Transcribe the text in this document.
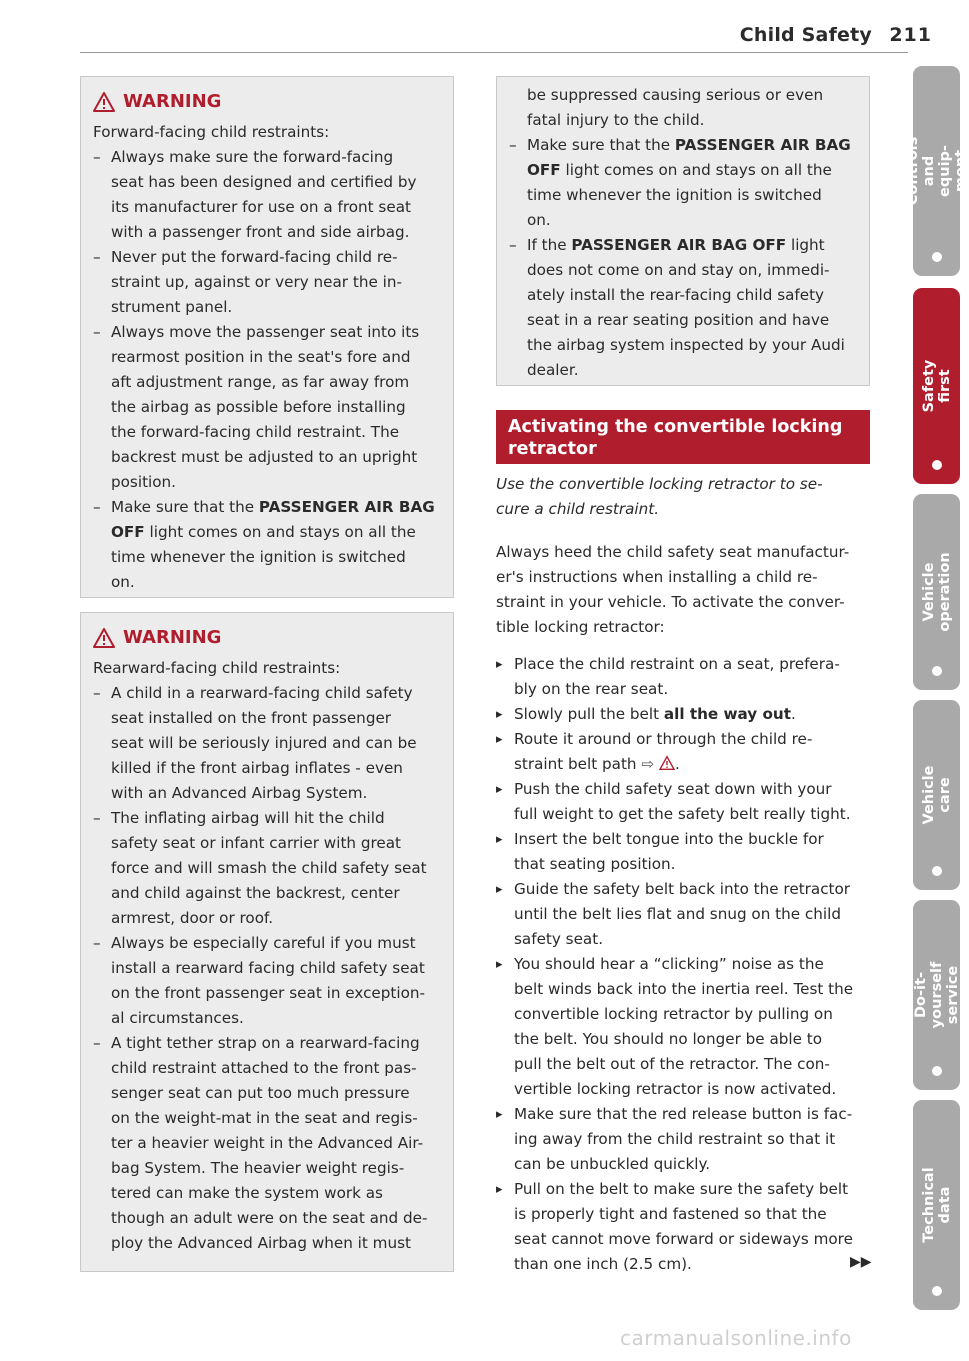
Child Safety 211
WARNING

Forward-facing child restraints:

– Always make sure the forward-facing

seat has been designed and certified by

its manufacturer for use on a front seat

with a passenger front and side airbag.

– Never put the forward-facing child re-

straint up, against or very near the in-

strument panel.

– Always move the passenger seat into its

rearmost position in the seat's fore and

aft adjustment range, as far away from

the airbag as possible before installing

the forward-facing child restraint. The

backrest must be adjusted to an upright

position.

– Make sure that the PASSENGER AIR BAG

OFF light comes on and stays on all the

time whenever the ignition is switched

on.

WARNING

Rearward-facing child restraints:

– A child in a rearward-facing child safety

seat installed on the front passenger

seat will be seriously injured and can be

killed if the front airbag inflates - even

with an Advanced Airbag System.

– The inflating airbag will hit the child

safety seat or infant carrier with great

force and will smash the child safety seat

and child against the backrest, center

armrest, door or roof.

– Always be especially careful if you must

install a rearward facing child safety seat

on the front passenger seat in exception-

al circumstances.

– A tight tether strap on a rearward-facing

child restraint attached to the front pas-

senger seat can put too much pressure

on the weight-mat in the seat and regis-

ter a heavier weight in the Advanced Air-

bag System. The heavier weight regis-

tered can make the system work as

though an adult were on the seat and de-

ploy the Advanced Airbag when it must

be suppressed causing serious or even

fatal injury to the child.

– Make sure that the PASSENGER AIR BAG

OFF light comes on and stays on all the

time whenever the ignition is switched

on.

– If the PASSENGER AIR BAG OFF light

does not come on and stay on, immedi-

ately install the rear-facing child safety

seat in a rear seating position and have

the airbag system inspected by your Audi

dealer.

Activating the convertible locking
retractor
Use the convertible locking retractor to se-
cure a child restraint.
Always heed the child safety seat manufactur-
er's instructions when installing a child re-
straint in your vehicle. To activate the conver-
tible locking retractor:
▸ Place the child restraint on a seat, prefera-
bly on the rear seat.
▸ Slowly pull the belt all the way out.
▸ Route it around or through the child re-
straint belt path ⇨ .
▸ Push the child safety seat down with your
full weight to get the safety belt really tight.
▸ Insert the belt tongue into the buckle for
that seating position.
▸ Guide the safety belt back into the retractor
until the belt lies flat and snug on the child
safety seat.
▸ You should hear a “clicking” noise as the
belt winds back into the inertia reel. Test the
convertible locking retractor by pulling on
the belt. You should no longer be able to
pull the belt out of the retractor. The con-
vertible locking retractor is now activated.
▸ Make sure that the red release button is fac-
ing away from the child restraint so that it
can be unbuckled quickly.
▸ Pull on the belt to make sure the safety belt
is properly tight and fastened so that the
seat cannot move forward or sideways more
than one inch (2.5 cm).	▶▶
Controls and equip-
ment
Safety first
Vehicle operation
Vehicle care
Do-it-yourself
service
Technical data
carmanualsonline.info
